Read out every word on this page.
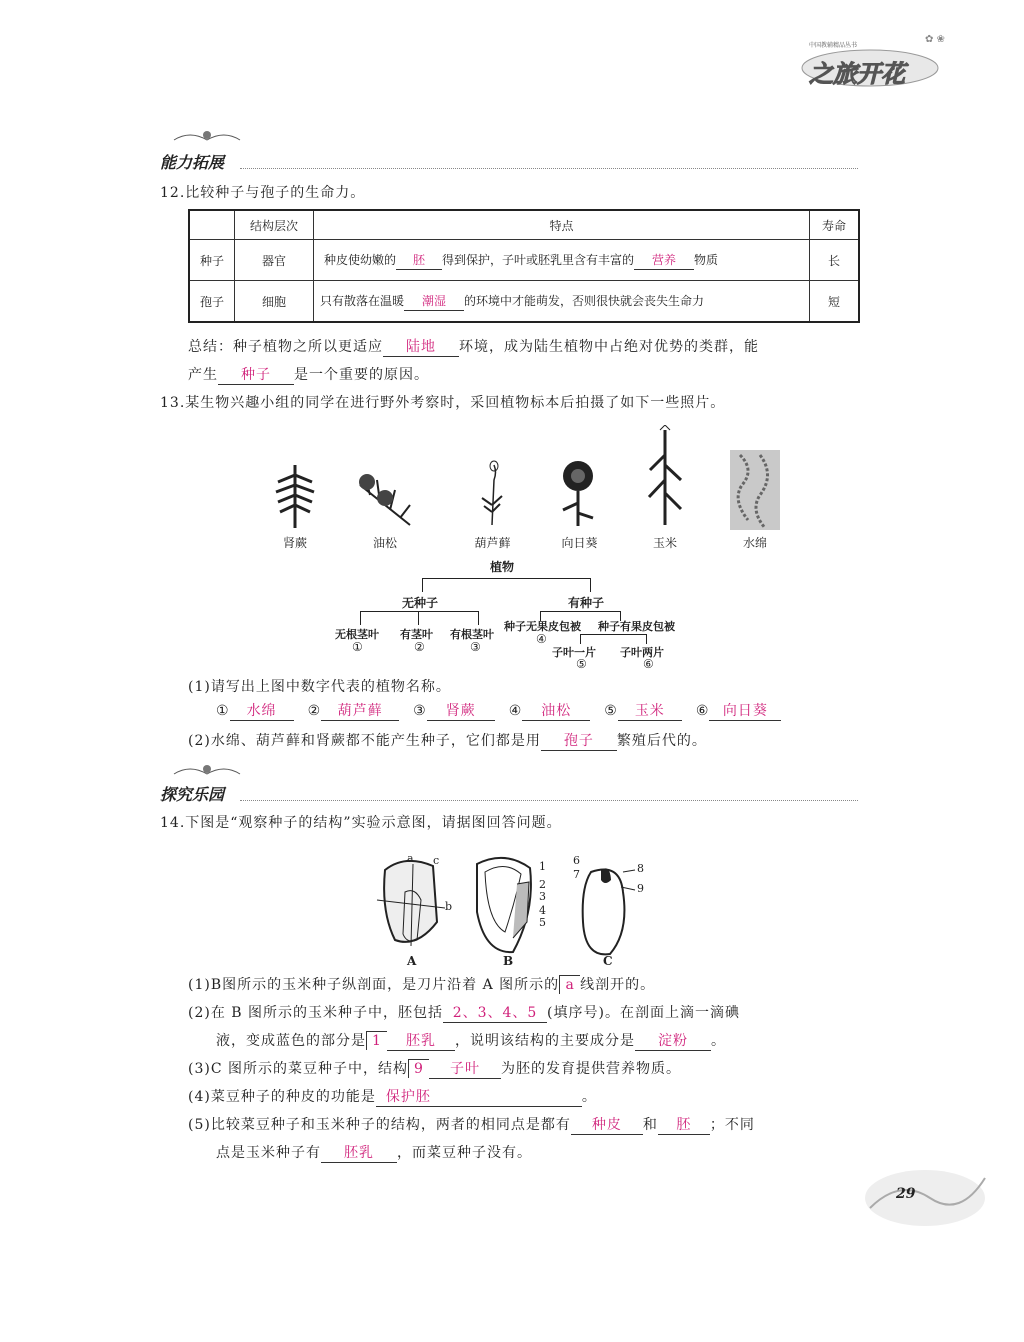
✿ ❀
中国教辅精品丛书
之旅开花
能力拓展
12.比较种子与孢子的生命力。
	结构层次	特点	寿命
种子	器官	种皮使幼嫩的 胚 得到保护，子叶或胚乳里含有丰富的 营养 物质	长
孢子	细胞	只有散落在温暖 潮湿 的环境中才能萌发，否则很快就会丧失生命力	短
总结：种子植物之所以更适应 陆地 环境，成为陆生植物中占绝对优势的类群，能
产生 种子 是一个重要的原因。
13.某生物兴趣小组的同学在进行野外考察时，采回植物标本后拍摄了如下一些照片。
肾蕨	油松	葫芦藓	向日葵	玉米	水绵
植物
无种子	有种子
无根茎叶 有茎叶 有根茎叶
种子无果皮包被 种子有果皮包被
①	②	③
④
子叶一片 子叶两片
⑤	⑥
(1)请写出上图中数字代表的植物名称。
① 水绵 ② 葫芦藓 ③ 肾蕨 ④ 油松 ⑤ 玉米 ⑥ 向日葵
(2)水绵、葫芦藓和肾蕨都不能产生种子，它们都是用 孢子 繁殖后代的。
探究乐园
14.下图是“观察种子的结构”实验示意图，请据图回答问题。
a c
b
1
2
3
4
5
6
7	8
9
A	B	C
(1)B图所示的玉米种子纵剖面，是刀片沿着 A 图所示的 a 线剖开的。
(2)在 B 图所示的玉米种子中，胚包括 2、3、4、5 (填序号)。在剖面上滴一滴碘
液，变成蓝色的部分是 1 胚乳 ，说明该结构的主要成分是 淀粉 。
(3)C 图所示的菜豆种子中，结构 9 子叶 为胚的发育提供营养物质。
(4)菜豆种子的种皮的功能是 保护胚	。
(5)比较菜豆种子和玉米种子的结构，两者的相同点是都有 种皮 和 胚 ；不同
点是玉米种子有 胚乳 ，而菜豆种子没有。
29
